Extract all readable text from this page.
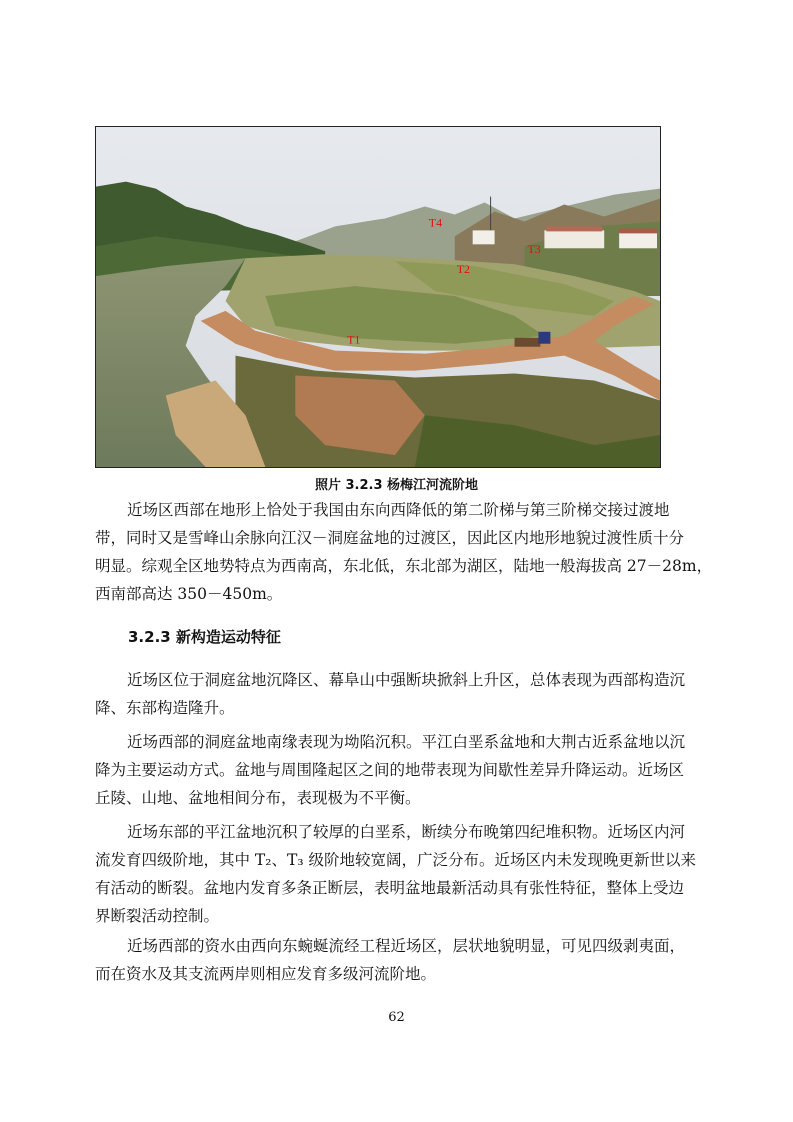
T4
T3
T2
T1
照片 3.2.3 杨梅江河流阶地

近场区西部在地形上恰处于我国由东向西降低的第二阶梯与第三阶梯交接过渡地
带，同时又是雪峰山余脉向江汉－洞庭盆地的过渡区，因此区内地形地貌过渡性质十分
明显。综观全区地势特点为西南高，东北低，东北部为湖区，陆地一般海拔高 27－28m，
西南部高达 350－450m。

3.2.3 新构造运动特征

近场区位于洞庭盆地沉降区、幕阜山中强断块掀斜上升区，总体表现为西部构造沉
降、东部构造隆升。

近场西部的洞庭盆地南缘表现为坳陷沉积。平江白垩系盆地和大荆古近系盆地以沉
降为主要运动方式。盆地与周围隆起区之间的地带表现为间歇性差异升降运动。近场区
丘陵、山地、盆地相间分布，表现极为不平衡。

近场东部的平江盆地沉积了较厚的白垩系，断续分布晚第四纪堆积物。近场区内河
流发育四级阶地，其中 T₂、T₃ 级阶地较宽阔，广泛分布。近场区内未发现晚更新世以来
有活动的断裂。盆地内发育多条正断层，表明盆地最新活动具有张性特征，整体上受边
界断裂活动控制。

近场西部的资水由西向东蜿蜒流经工程近场区，层状地貌明显，可见四级剥夷面，
而在资水及其支流两岸则相应发育多级河流阶地。

62
